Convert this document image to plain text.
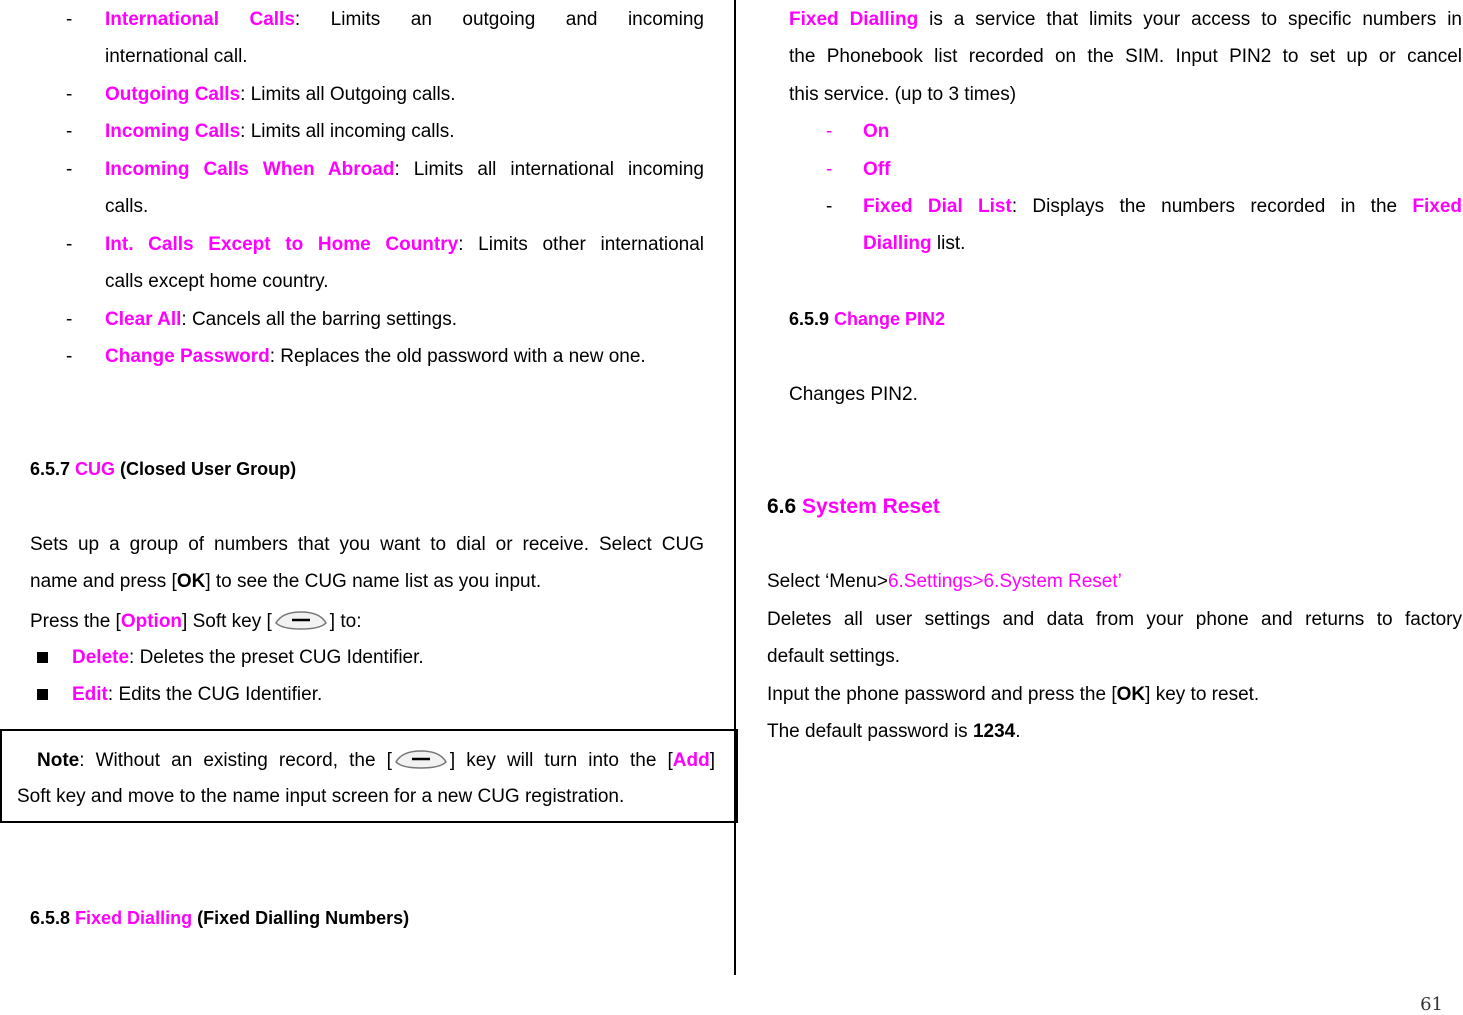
- International Calls: Limits an outgoing and incoming
international call.
- Outgoing Calls: Limits all Outgoing calls.
- Incoming Calls: Limits all incoming calls.
- Incoming Calls When Abroad: Limits all international incoming
calls.
- Int. Calls Except to Home Country: Limits other international
calls except home country.
- Clear All: Cancels all the barring settings.
- Change Password: Replaces the old password with a new one.
6.5.7 CUG (Closed User Group)
Sets up a group of numbers that you want to dial or receive. Select CUG
name and press [OK] to see the CUG name list as you input.
Press the [Option] Soft key [	] to:
Delete: Deletes the preset CUG Identifier.
Edit: Edits the CUG Identifier.
Note: Without an existing record, the [	] key will turn into the [Add]
Soft key and move to the name input screen for a new CUG registration.
6.5.8 Fixed Dialling (Fixed Dialling Numbers)
Fixed Dialling is a service that limits your access to specific numbers in
the Phonebook list recorded on the SIM. Input PIN2 to set up or cancel
this service. (up to 3 times)
- On
- Off
- Fixed Dial List: Displays the numbers recorded in the Fixed
Dialling list.
6.5.9 Change PIN2
Changes PIN2.
6.6 System Reset
Select ‘Menu>6.Settings>6.System Reset’
Deletes all user settings and data from your phone and returns to factory
default settings.
Input the phone password and press the [OK] key to reset.
The default password is 1234.
61
